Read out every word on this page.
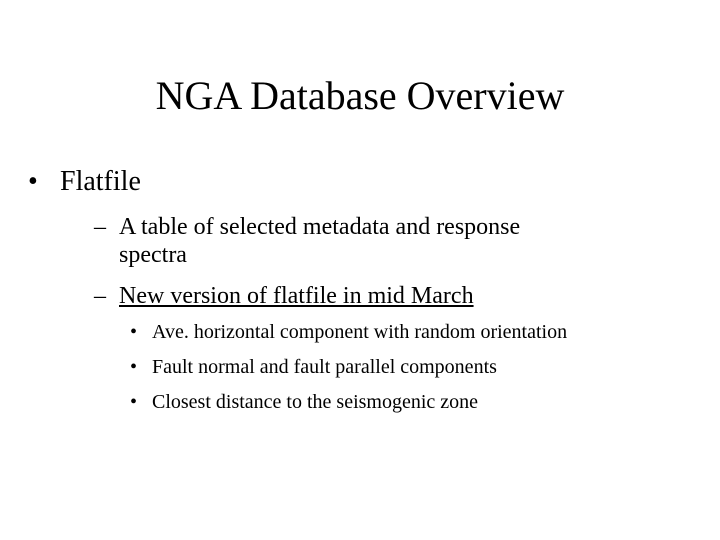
NGA Database Overview
• Flatfile
– A table of selected metadata and response
spectra
– New version of flatfile in mid March
• Ave. horizontal component with random orientation
• Fault normal and fault parallel components
• Closest distance to the seismogenic zone
